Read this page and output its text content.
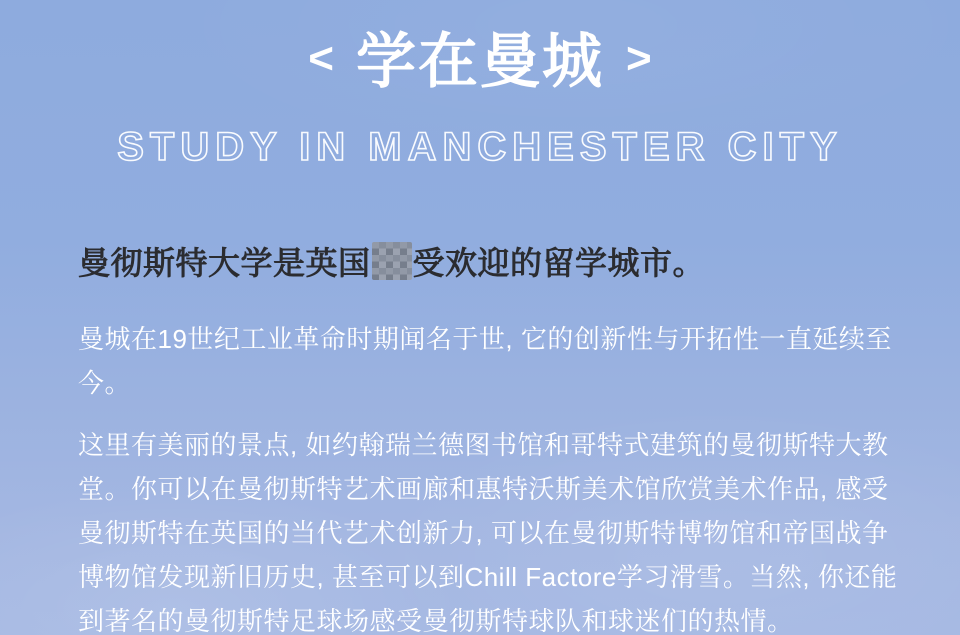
< 学在曼城 >
STUDY IN MANCHESTER CITY
曼彻斯特大学是英国 受欢迎的留学城市。

曼城在19世纪工业革命时期闻名于世, 它的创新性与开拓性一直延续至今。

这里有美丽的景点, 如约翰瑞兰德图书馆和哥特式建筑的曼彻斯特大教堂。你可以在曼彻斯特艺术画廊和惠特沃斯美术馆欣赏美术作品, 感受曼彻斯特在英国的当代艺术创新力, 可以在曼彻斯特博物馆和帝国战争博物馆发现新旧历史, 甚至可以到Chill Factore学习滑雪。当然, 你还能到著名的曼彻斯特足球场感受曼彻斯特球队和球迷们的热情。
